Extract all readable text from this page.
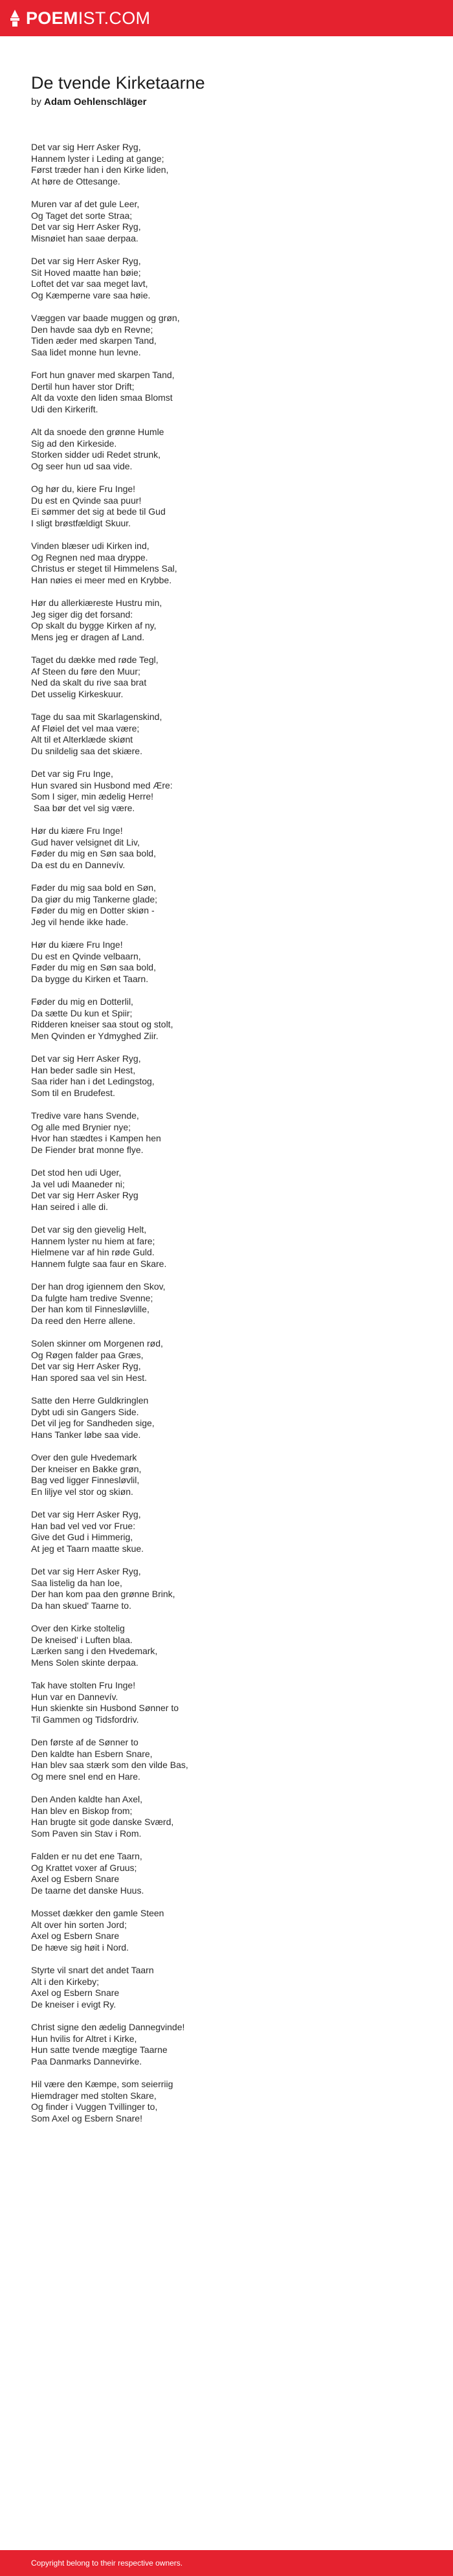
POEMIST.COM
De tvende Kirketaarne
by Adam Oehlenschläger
Det var sig Herr Asker Ryg,
Hannem lyster i Leding at gange;
Først træder han i den Kirke liden,
At høre de Ottesange.
Muren var af det gule Leer,
Og Taget det sorte Straa;
Det var sig Herr Asker Ryg,
Misnøiet han saae derpaa.
Det var sig Herr Asker Ryg,
Sit Hoved maatte han bøie;
Loftet det var saa meget lavt,
Og Kæmperne vare saa høie.
Væggen var baade muggen og grøn,
Den havde saa dyb en Revne;
Tiden æder med skarpen Tand,
Saa lidet monne hun levne.
Fort hun gnaver med skarpen Tand,
Dertil hun haver stor Drift;
Alt da voxte den liden smaa Blomst
Udi den Kirkerift.
Alt da snoede den grønne Humle
Sig ad den Kirkeside.
Storken sidder udi Redet strunk,
Og seer hun ud saa vide.
Og hør du, kiere Fru Inge!
Du est en Qvinde saa puur!
Ei sømmer det sig at bede til Gud
I sligt brøstfældigt Skuur.
Vinden blæser udi Kirken ind,
Og Regnen ned maa dryppe.
Christus er steget til Himmelens Sal,
Han nøies ei meer med en Krybbe.
Hør du allerkiæreste Hustru min,
Jeg siger dig det forsand:
Op skalt du bygge Kirken af ny,
Mens jeg er dragen af Land.
Taget du dække med røde Tegl,
Af Steen du føre den Muur;
Ned da skalt du rive saa brat
Det usselig Kirkeskuur.
Tage du saa mit Skarlagenskind,
Af Fløiel det vel maa være;
Alt til et Alterklæde skiønt
Du snildelig saa det skiære.
Det var sig Fru Inge,
Hun svared sin Husbond med Ære:
Som I siger, min ædelig Herre!
Saa bør det vel sig være.
Hør du kiære Fru Inge!
Gud haver velsignet dit Liv,
Føder du mig en Søn saa bold,
Da est du en Dannevív.
Føder du mig saa bold en Søn,
Da giør du mig Tankerne glade;
Føder du mig en Dotter skiøn -
Jeg vil hende ikke hade.
Hør du kiære Fru Inge!
Du est en Qvinde velbaarn,
Føder du mig en Søn saa bold,
Da bygge du Kirken et Taarn.
Føder du mig en Dotterlil,
Da sætte Du kun et Spiir;
Ridderen kneiser saa stout og stolt,
Men Qvinden er Ydmyghed Ziir.
Det var sig Herr Asker Ryg,
Han beder sadle sin Hest,
Saa rider han i det Ledingstog,
Som til en Brudefest.
Tredive vare hans Svende,
Og alle med Brynier nye;
Hvor han stædtes i Kampen hen
De Fiender brat monne flye.
Det stod hen udi Uger,
Ja vel udi Maaneder ni;
Det var sig Herr Asker Ryg
Han seired i alle di.
Det var sig den gievelig Helt,
Hannem lyster nu hiem at fare;
Hielmene var af hin røde Guld.
Hannem fulgte saa faur en Skare.
Der han drog igiennem den Skov,
Da fulgte ham tredive Svenne;
Der han kom til Finnesløvlille,
Da reed den Herre allene.
Solen skinner om Morgenen rød,
Og Røgen falder paa Græs,
Det var sig Herr Asker Ryg,
Han spored saa vel sin Hest.
Satte den Herre Guldkringlen
Dybt udi sin Gangers Side.
Det vil jeg for Sandheden sige,
Hans Tanker løbe saa vide.
Over den gule Hvedemark
Der kneiser en Bakke grøn,
Bag ved ligger Finnesløvlil,
En liljye vel stor og skiøn.
Det var sig Herr Asker Ryg,
Han bad vel ved vor Frue:
Give det Gud i Himmerig,
At jeg et Taarn maatte skue.
Det var sig Herr Asker Ryg,
Saa listelig da han loe,
Der han kom paa den grønne Brink,
Da han skued' Taarne to.
Over den Kirke stoltelig
De kneised' i Luften blaa.
Lærken sang i den Hvedemark,
Mens Solen skinte derpaa.
Tak have stolten Fru Inge!
Hun var en Dannevív.
Hun skienkte sin Husbond Sønner to
Til Gammen og Tidsfordriv.
Den første af de Sønner to
Den kaldte han Esbern Snare,
Han blev saa stærk som den vilde Bas,
Og mere snel end en Hare.
Den Anden kaldte han Axel,
Han blev en Biskop from;
Han brugte sit gode danske Sværd,
Som Paven sin Stav i Rom.
Falden er nu det ene Taarn,
Og Krattet voxer af Gruus;
Axel og Esbern Snare
De taarne det danske Huus.
Mosset dækker den gamle Steen
Alt over hin sorten Jord;
Axel og Esbern Snare
De hæve sig høit i Nord.
Styrte vil snart det andet Taarn
Alt i den Kirkeby;
Axel og Esbern Snare
De kneiser i evigt Ry.
Christ signe den ædelig Dannegvinde!
Hun hvilis for Altret i Kirke,
Hun satte tvende mægtige Taarne
Paa Danmarks Dannevirke.
Hil være den Kæmpe, som seierriig
Hiemdrager med stolten Skare,
Og finder i Vuggen Tvillinger to,
Som Axel og Esbern Snare!
Copyright belong to their respective owners.
